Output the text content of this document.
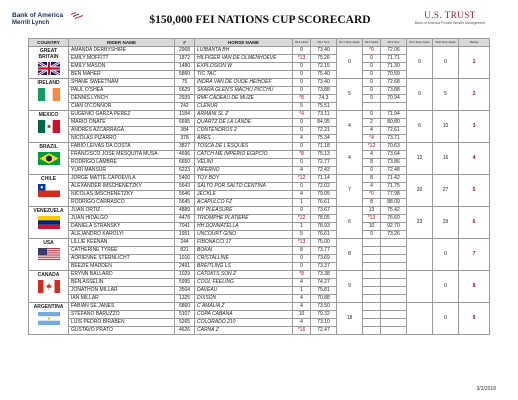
Bank of America
Merrill Lynch	$150,000 FEI NATIONS CUP SCORECARD	U.S. TRUST
Bank of America Private Wealth Management
COUNTRY	RIDER NAME	#	HORSE NAME	Rd 1 Faults	Rd 1 Time	Rd 1 Team Faults	Rd 2 Faults	Rd 2 Time	Rd 2 Team Faults	Total Team Faults	Placing

GREAT BRITAIN	AMANDA DERBYSHIRE	2968	LUIBANTA BH	0	73.40	0	*0	72.06	0	0	1
	EMILY MOFFITT	1872	HILFIGER VAN DE OLMENHOEVE	*13	75.26		0	71.71			
	EMILY MASON	1480	EXPLOSION W	0	72.15		0	71.30			
	BEN MAHER	5860	TIC TAC	0	75.40		0	70.59			

IRELAND	SHANE SWEETNAM	75	INDRA VAN DE OUDE HEIHOEF	0	73.40	5	0	72.68	0	5	2
	PAUL O'SHEA	5629	SKARA GLEN'S MACHU PICCHU	0	73.88		0	73.88			
	DENNIS LYNCH	2939	RMF CADEAU DE MUZE	*8	74.3		0	70.94			
	CIAN O'CONNOR	242	CLENUR	5	75.51						

MEXICO	EUGENIO GARZA PEREZ	1184	ARMANI SL Z	*4	73.11	4	0	71.94	6	10	3
	MARIO ONATE	6695	QUARTZ DE LA LANDE	0	84.95		2	80.80			
	ANDRES AZCARRAGA	384	CONTENDROS 2	0	72.21		4	72.61			
	NICOLAS PIZARRO	378	ARES	4	75.34		*4	73.71			

BRAZIL	FABIO LEIVAS DA COSTA	3827	TOSCA DE L'ESQUES	0	71.18	4	*12	70.63	12	16	4
	FRANCISCO JOSE MESQUITA MUSA	4696	CATCH ME IMPERIO EGIPCIO	*8	75.13		4	73.64			
	RODRIGO LAMBRE	6650	VELINI	0	72.77		8	73.86			
	YURI MANSUR	6223	INFERNO	4	72.43		0	72.48			

CHILE	JORGE MATTE CAPDEVILA	5400	TOY BOY	*12	71.14	7	8	71.42	20	27	5
	ALEXANDER IMSCHENETZKY	5643	SALTO POR SALTO CENTINA	0	72.02		4	71.75			
	NICOLAS IMSCHENETZKY	5646	JECKLE	4	79.05		*0	77.98			
	RODRIGO CARRASCO	5645	ACAPULCO FZ	1	76.61		8	88.09			

VENEZUELA	JUAN ORTIZ	4889	MY PLEASURE	0	73.67	6	13	75.42	23	29	6
	JUAN HIDALGO	4478	TRIOMPHE PLATIERE	*12	78.05		*13	76.60			
	DANIELA STRANSKY	7041	HH DONNATELLA	1	78.93		10	92.70			
	ALEJANDRO KAROLYI	1951	UNCOURT GINO	5	76.61		0	73.26			

USA	LILLIE KEENAN	244	FIBONACCI 17	*13	75.00	8				0	7
	CATHERINE TYREE	821	BOKAI	8	73.77						
	ADRIENNE STERNLICHT	1016	CRISTALLINE	0	73.69						
	BEEZIE MADDEN	2491	BREITLING LS	0	73.37						

CANADA	ERYNN BALLARD	1029	CATOKI'S SON Z	*8	73.38	9				0	8
	BEN ASSELIN	5995	COOL FEELING	4	74.27						
	JONATHON MILLAR	3504	DAVEAU	1	75.81						
	IAN MILLAR	1325	DIXSON	4	70.88						

ARGENTINA	FABIAN SE JANES	6860	C AMALIA Z	4	73.50	18				0	9
	STEFANO BARUZZO	5107	COPA CABANA	10	79.32						
	LUIS PEDRO BIRABEN	5265	COLORADO 210	4	73.10						
	GUSTAVO PRATO	4626	CARNA Z	*16	72.47						
3/3/2018
